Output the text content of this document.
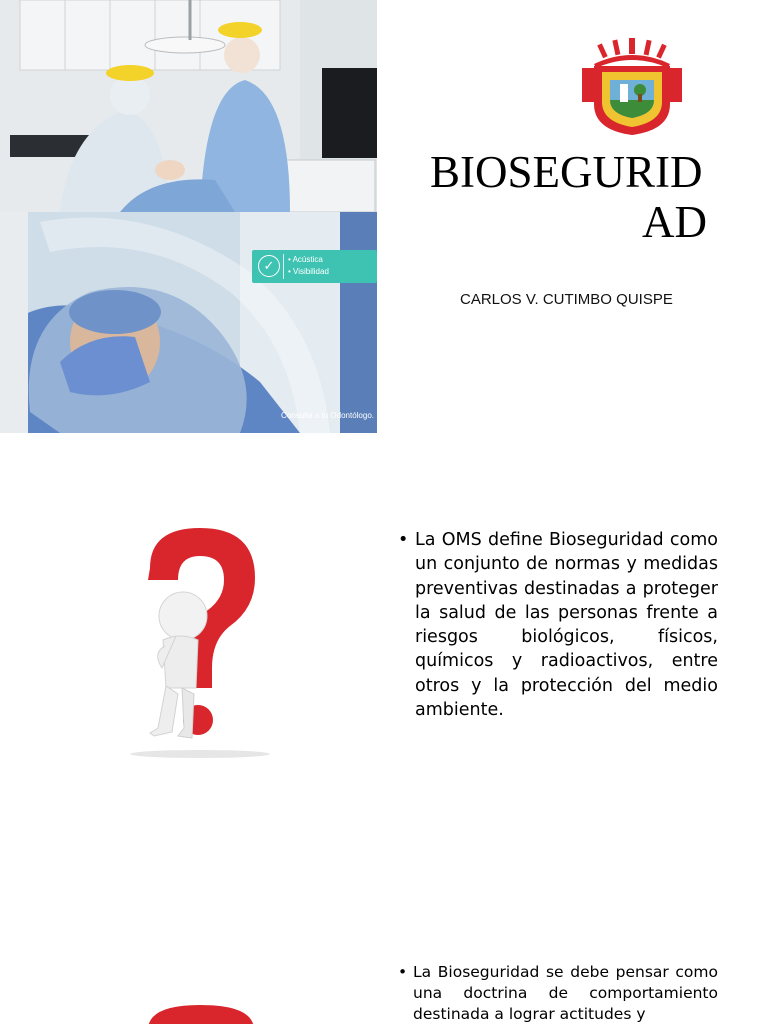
✓	• Acústica
• Visibilidad
Consulta a tu Odontólogo.
BIOSEGURID
AD
CARLOS V. CUTIMBO QUISPE
• La OMS define Bioseguridad como un conjunto de normas y medidas preventivas destinadas a proteger la salud de las personas frente a riesgos biológicos, físicos, químicos y radioactivos, entre otros y la protección del medio ambiente.
• La Bioseguridad se debe pensar como una doctrina de comportamiento destinada a lograr actitudes y
